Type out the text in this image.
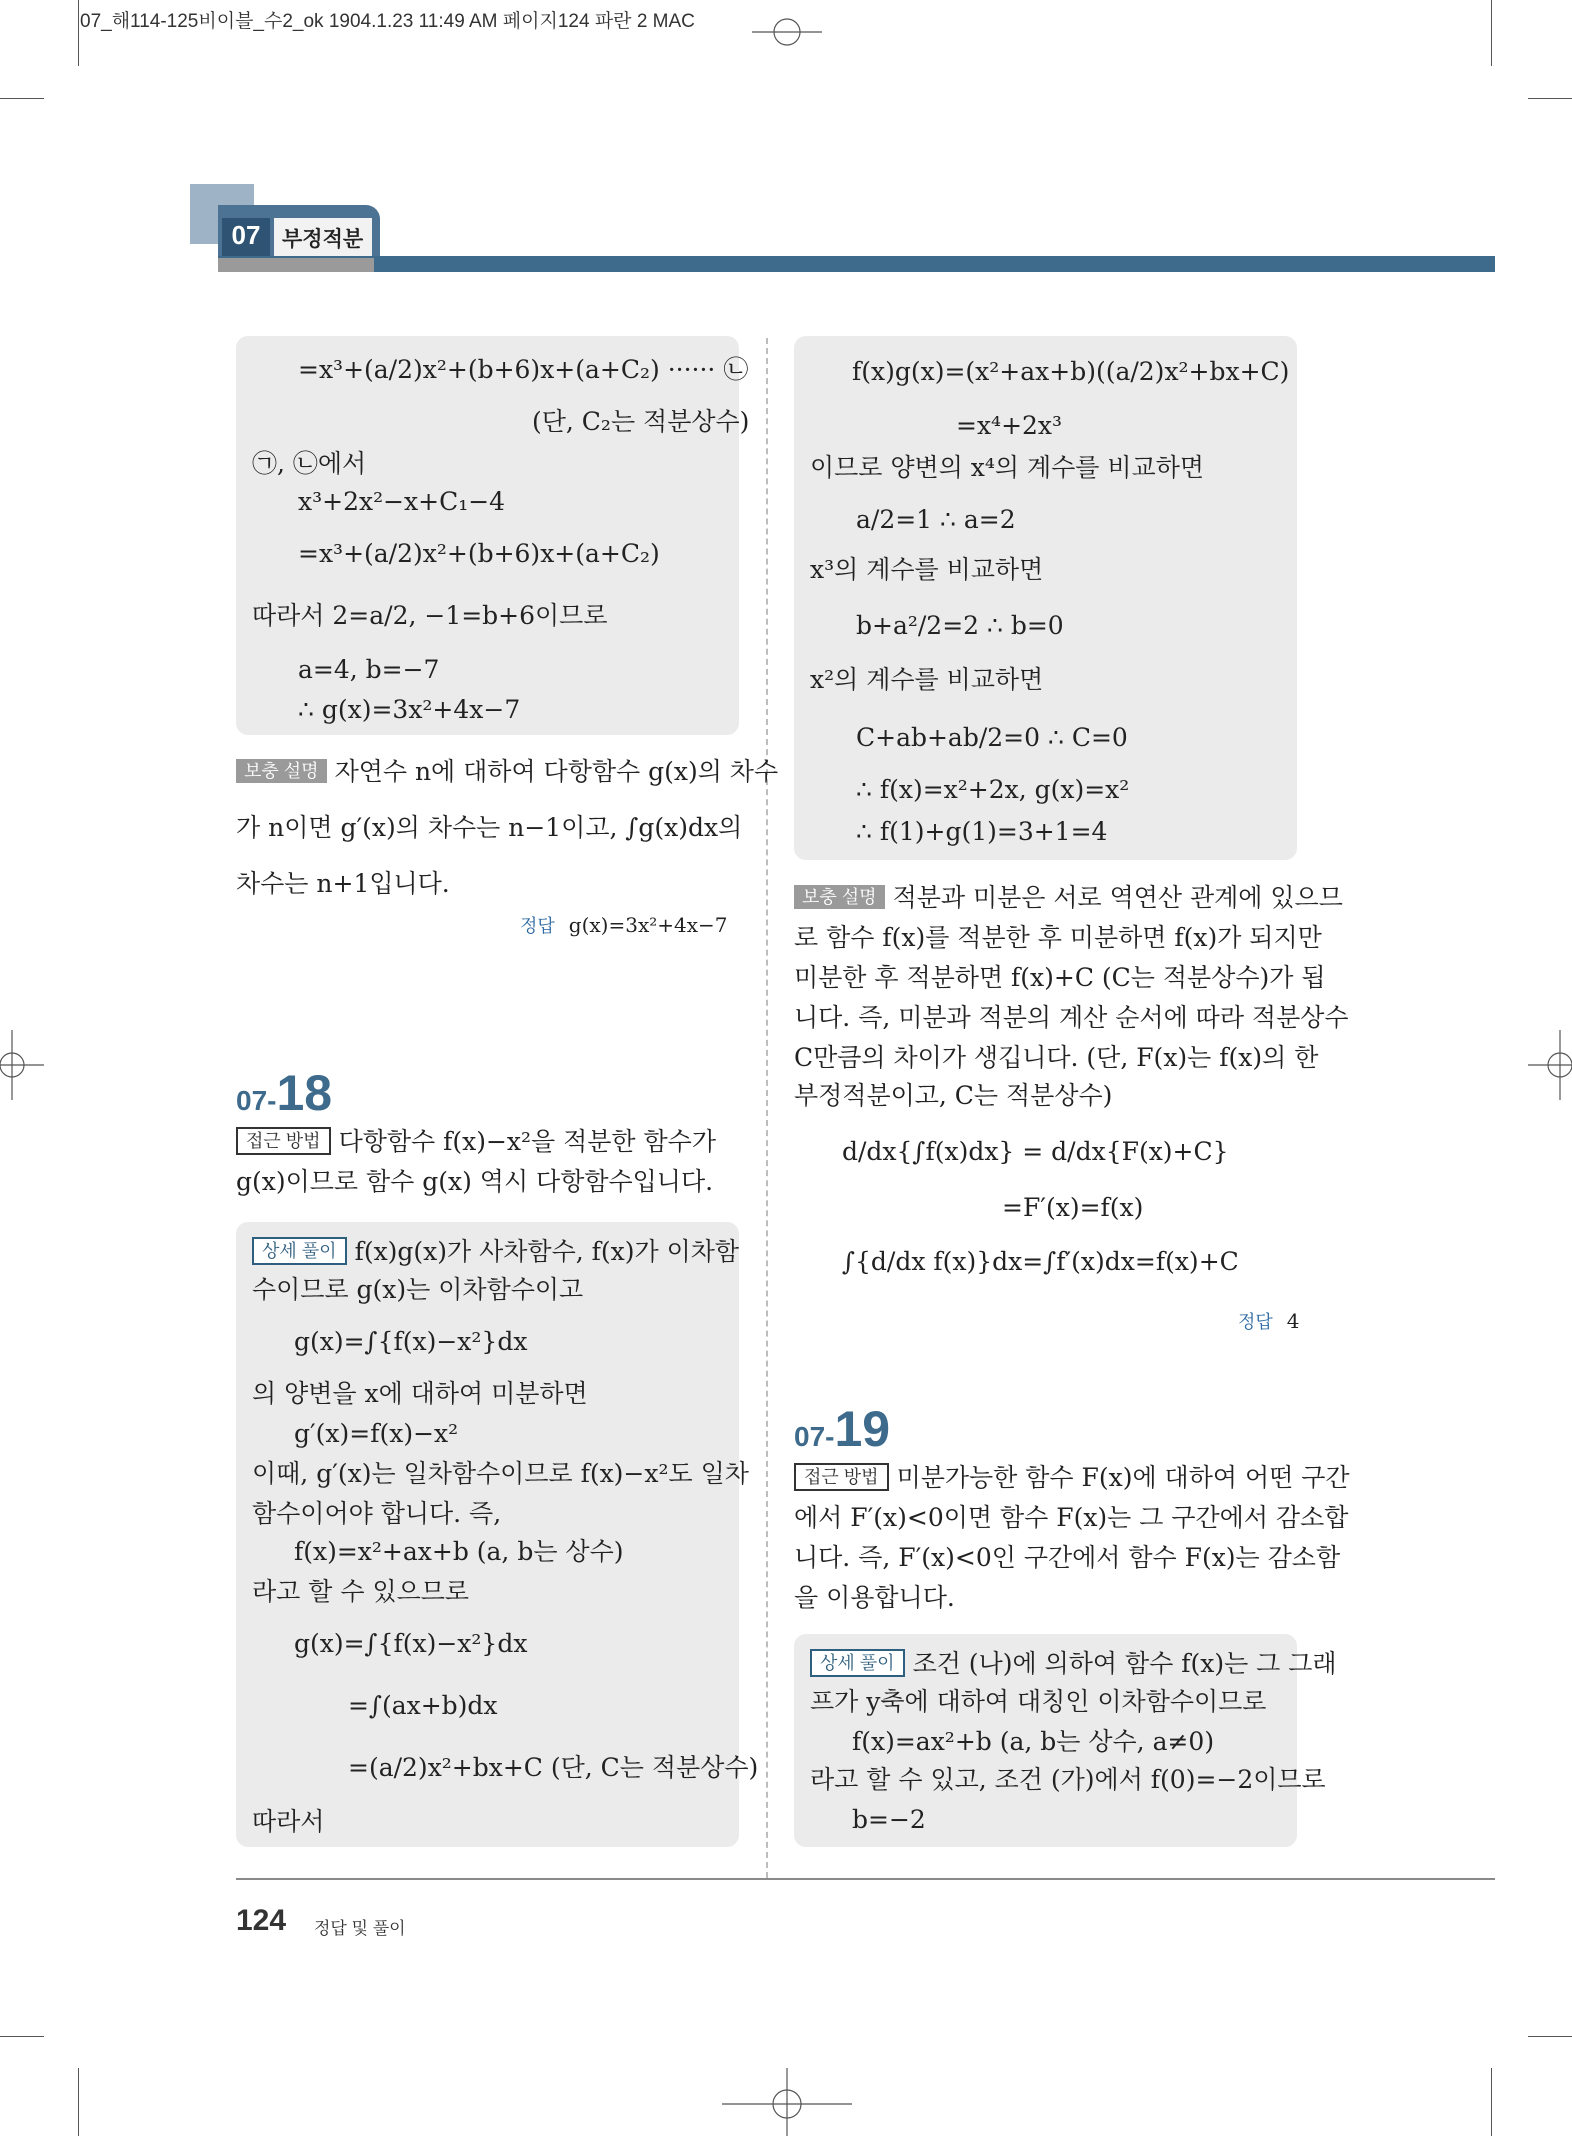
07_해114-125비이블_수2_ok 1904.1.23 11:49 AM 페이지124 파란 2 MAC
07	부정적분
=x³+(a/2)x²+(b+6)x+(a+C₂) ······ ㉡
(단, C₂는 적분상수)
㉠, ㉡에서
x³+2x²−x+C₁−4
=x³+(a/2)x²+(b+6)x+(a+C₂)
따라서 2=a/2, −1=b+6이므로
a=4, b=−7
∴ g(x)=3x²+4x−7
보충 설명 자연수 n에 대하여 다항함수 g(x)의 차수
가 n이면 g′(x)의 차수는 n−1이고, ∫g(x)dx의
차수는 n+1입니다.
정답 g(x)=3x²+4x−7
07-18
접근 방법 다항함수 f(x)−x²을 적분한 함수가
g(x)이므로 함수 g(x) 역시 다항함수입니다.
상세 풀이 f(x)g(x)가 사차함수, f(x)가 이차함
수이므로 g(x)는 이차함수이고
g(x)=∫{f(x)−x²}dx
의 양변을 x에 대하여 미분하면
g′(x)=f(x)−x²
이때, g′(x)는 일차함수이므로 f(x)−x²도 일차
함수이어야 합니다. 즉,
f(x)=x²+ax+b (a, b는 상수)
라고 할 수 있으므로
g(x)=∫{f(x)−x²}dx
=∫(ax+b)dx
=(a/2)x²+bx+C (단, C는 적분상수)
따라서
f(x)g(x)=(x²+ax+b)((a/2)x²+bx+C)
=x⁴+2x³
이므로 양변의 x⁴의 계수를 비교하면
a/2=1 ∴ a=2
x³의 계수를 비교하면
b+a²/2=2 ∴ b=0
x²의 계수를 비교하면
C+ab+ab/2=0 ∴ C=0
∴ f(x)=x²+2x, g(x)=x²
∴ f(1)+g(1)=3+1=4
보충 설명 적분과 미분은 서로 역연산 관계에 있으므
로 함수 f(x)를 적분한 후 미분하면 f(x)가 되지만
미분한 후 적분하면 f(x)+C (C는 적분상수)가 됩
니다. 즉, 미분과 적분의 계산 순서에 따라 적분상수
C만큼의 차이가 생깁니다. (단, F(x)는 f(x)의 한
부정적분이고, C는 적분상수)
d/dx{∫f(x)dx} = d/dx{F(x)+C}
=F′(x)=f(x)
∫{d/dx f(x)}dx=∫f′(x)dx=f(x)+C
정답 4
07-19
접근 방법 미분가능한 함수 F(x)에 대하여 어떤 구간
에서 F′(x)<0이면 함수 F(x)는 그 구간에서 감소합
니다. 즉, F′(x)<0인 구간에서 함수 F(x)는 감소함
을 이용합니다.
상세 풀이 조건 (나)에 의하여 함수 f(x)는 그 그래
프가 y축에 대하여 대칭인 이차함수이므로
f(x)=ax²+b (a, b는 상수, a≠0)
라고 할 수 있고, 조건 (가)에서 f(0)=−2이므로
b=−2
124 정답 및 풀이
